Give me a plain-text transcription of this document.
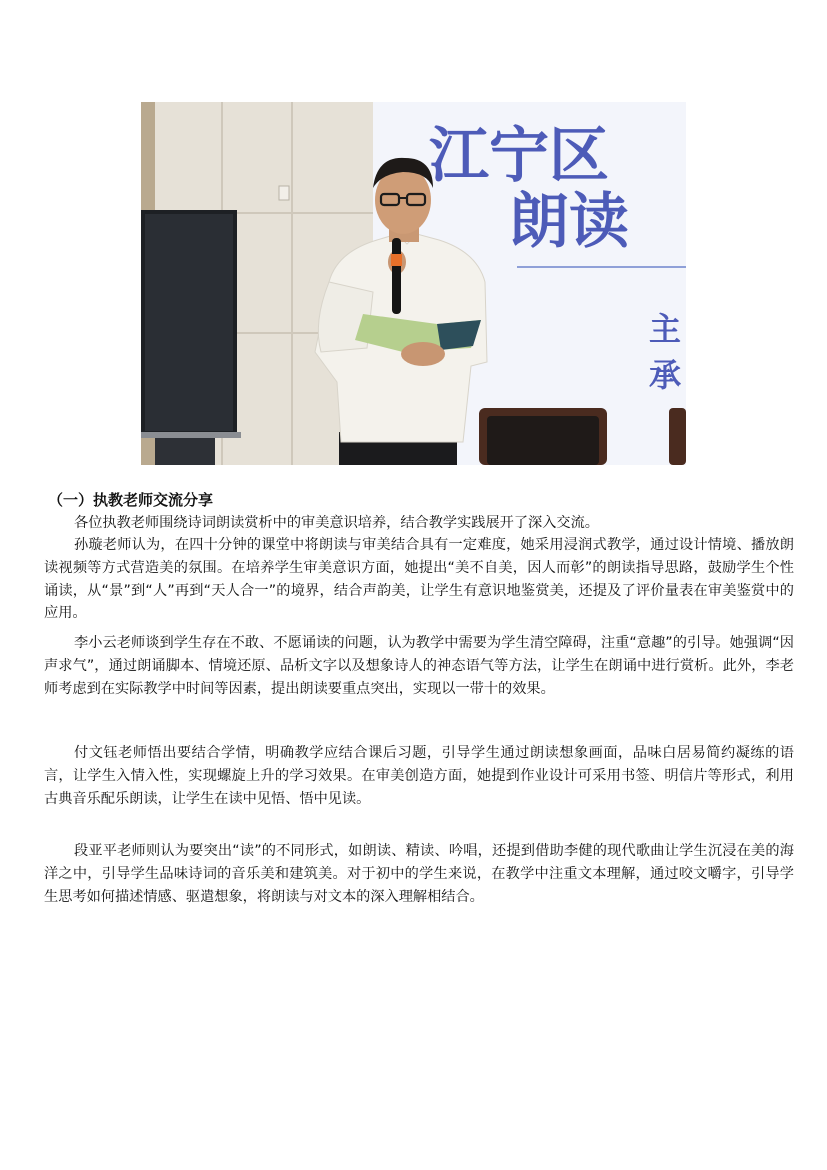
江宁区
朗读
主
承
（一）执教老师交流分享

各位执教老师围绕诗词朗读赏析中的审美意识培养，结合教学实践展开了深入交流。

孙璇老师认为，在四十分钟的课堂中将朗读与审美结合具有一定难度，她采用浸润式教学，通过设计情境、播放朗读视频等方式营造美的氛围。在培养学生审美意识方面，她提出“美不自美，因人而彰”的朗读指导思路，鼓励学生个性诵读，从“景”到“人”再到“天人合一”的境界，结合声韵美，让学生有意识地鉴赏美，还提及了评价量表在审美鉴赏中的应用。

李小云老师谈到学生存在不敢、不愿诵读的问题，认为教学中需要为学生清空障碍，注重“意趣”的引导。她强调“因声求气”，通过朗诵脚本、情境还原、品析文字以及想象诗人的神态语气等方法，让学生在朗诵中进行赏析。此外，李老师考虑到在实际教学中时间等因素，提出朗读要重点突出，实现以一带十的效果。

付文钰老师悟出要结合学情，明确教学应结合课后习题，引导学生通过朗读想象画面，品味白居易简约凝练的语言，让学生入情入性，实现螺旋上升的学习效果。在审美创造方面，她提到作业设计可采用书签、明信片等形式，利用古典音乐配乐朗读，让学生在读中见悟、悟中见读。

段亚平老师则认为要突出“读”的不同形式，如朗读、精读、吟唱，还提到借助李健的现代歌曲让学生沉浸在美的海洋之中，引导学生品味诗词的音乐美和建筑美。对于初中的学生来说，在教学中注重文本理解，通过咬文嚼字，引导学生思考如何描述情感、驱遣想象，将朗读与对文本的深入理解相结合。
